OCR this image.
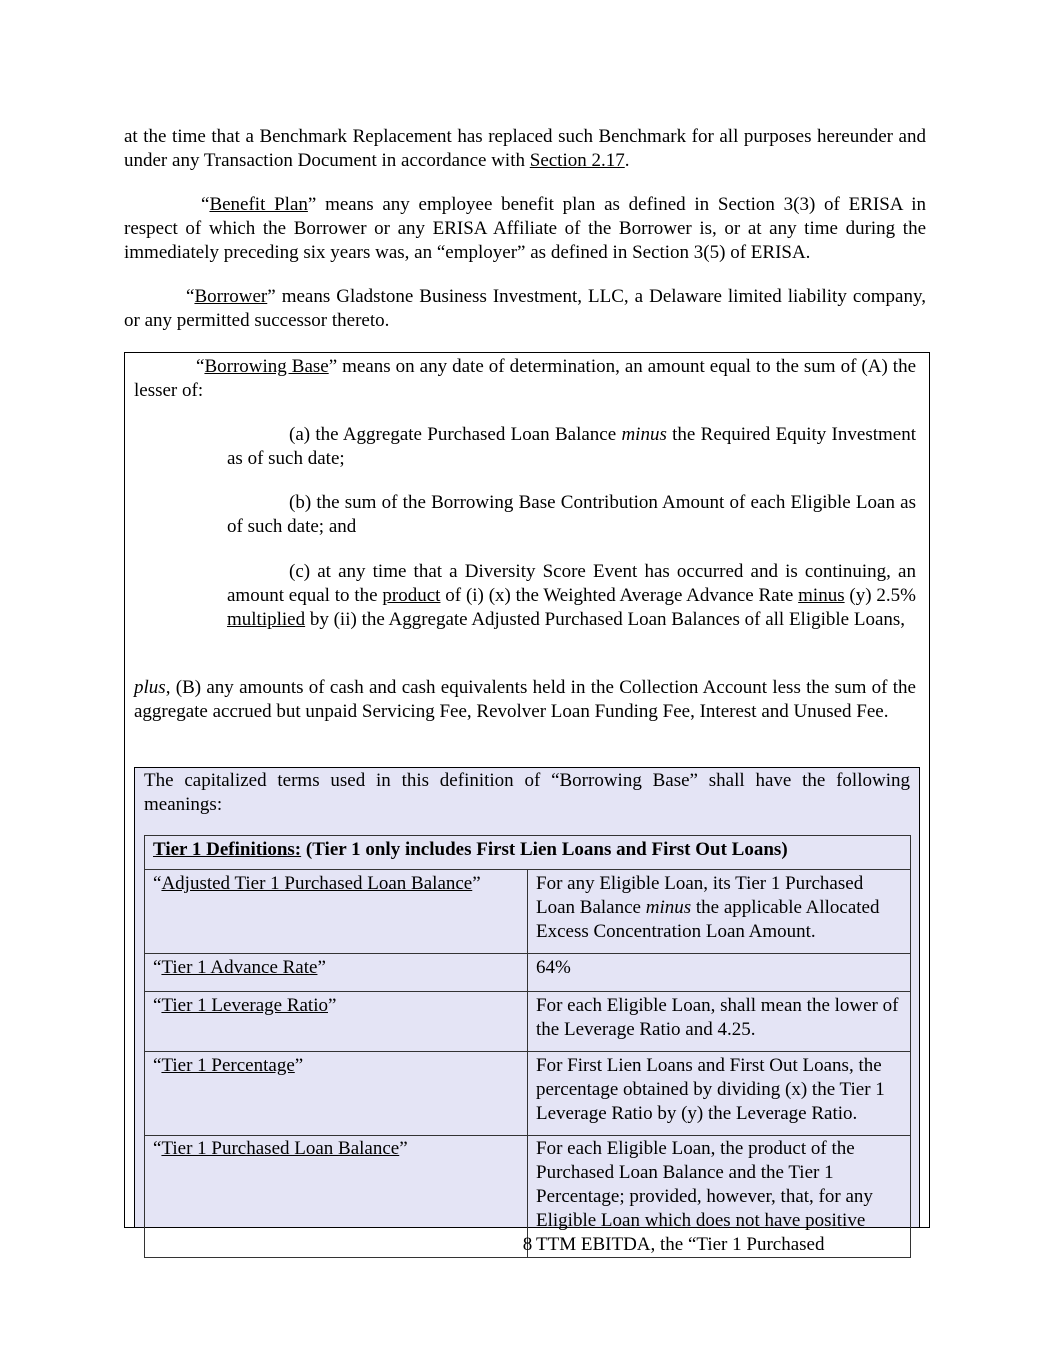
at the time that a Benchmark Replacement has replaced such Benchmark for all purposes hereunder and under any Transaction Document in accordance with Section 2.17.

“Benefit Plan” means any employee benefit plan as defined in Section 3(3) of ERISA in respect of which the Borrower or any ERISA Affiliate of the Borrower is, or at any time during the immediately preceding six years was, an “employer” as defined in Section 3(5) of ERISA.

“Borrower” means Gladstone Business Investment, LLC, a Delaware limited liability company, or any permitted successor thereto.

“Borrowing Base” means on any date of determination, an amount equal to the sum of (A) the lesser of:

(a) the Aggregate Purchased Loan Balance minus the Required Equity Investment as of such date;

(b) the sum of the Borrowing Base Contribution Amount of each Eligible Loan as of such date; and

(c) at any time that a Diversity Score Event has occurred and is continuing, an amount equal to the product of (i) (x) the Weighted Average Advance Rate minus (y) 2.5% multiplied by (ii) the Aggregate Adjusted Purchased Loan Balances of all Eligible Loans,

plus, (B) any amounts of cash and cash equivalents held in the Collection Account less the sum of the aggregate accrued but unpaid Servicing Fee, Revolver Loan Funding Fee, Interest and Unused Fee.

The capitalized terms used in this definition of “Borrowing Base” shall have the following meanings:

Tier 1 Definitions: (Tier 1 only includes First Lien Loans and First Out Loans)	
“Adjusted Tier 1 Purchased Loan Balance”	For any Eligible Loan, its Tier 1 Purchased Loan Balance minus the applicable Allocated Excess Concentration Loan Amount.
“Tier 1 Advance Rate”	64%
“Tier 1 Leverage Ratio”	For each Eligible Loan, shall mean the lower of the Leverage Ratio and 4.25.
“Tier 1 Percentage”	For First Lien Loans and First Out Loans, the percentage obtained by dividing (x) the Tier 1 Leverage Ratio by (y) the Leverage Ratio.
“Tier 1 Purchased Loan Balance”	For each Eligible Loan, the product of the Purchased Loan Balance and the Tier 1 Percentage; provided, however, that, for any Eligible Loan which does not have positive TTM EBITDA, the “Tier 1 Purchased
8
